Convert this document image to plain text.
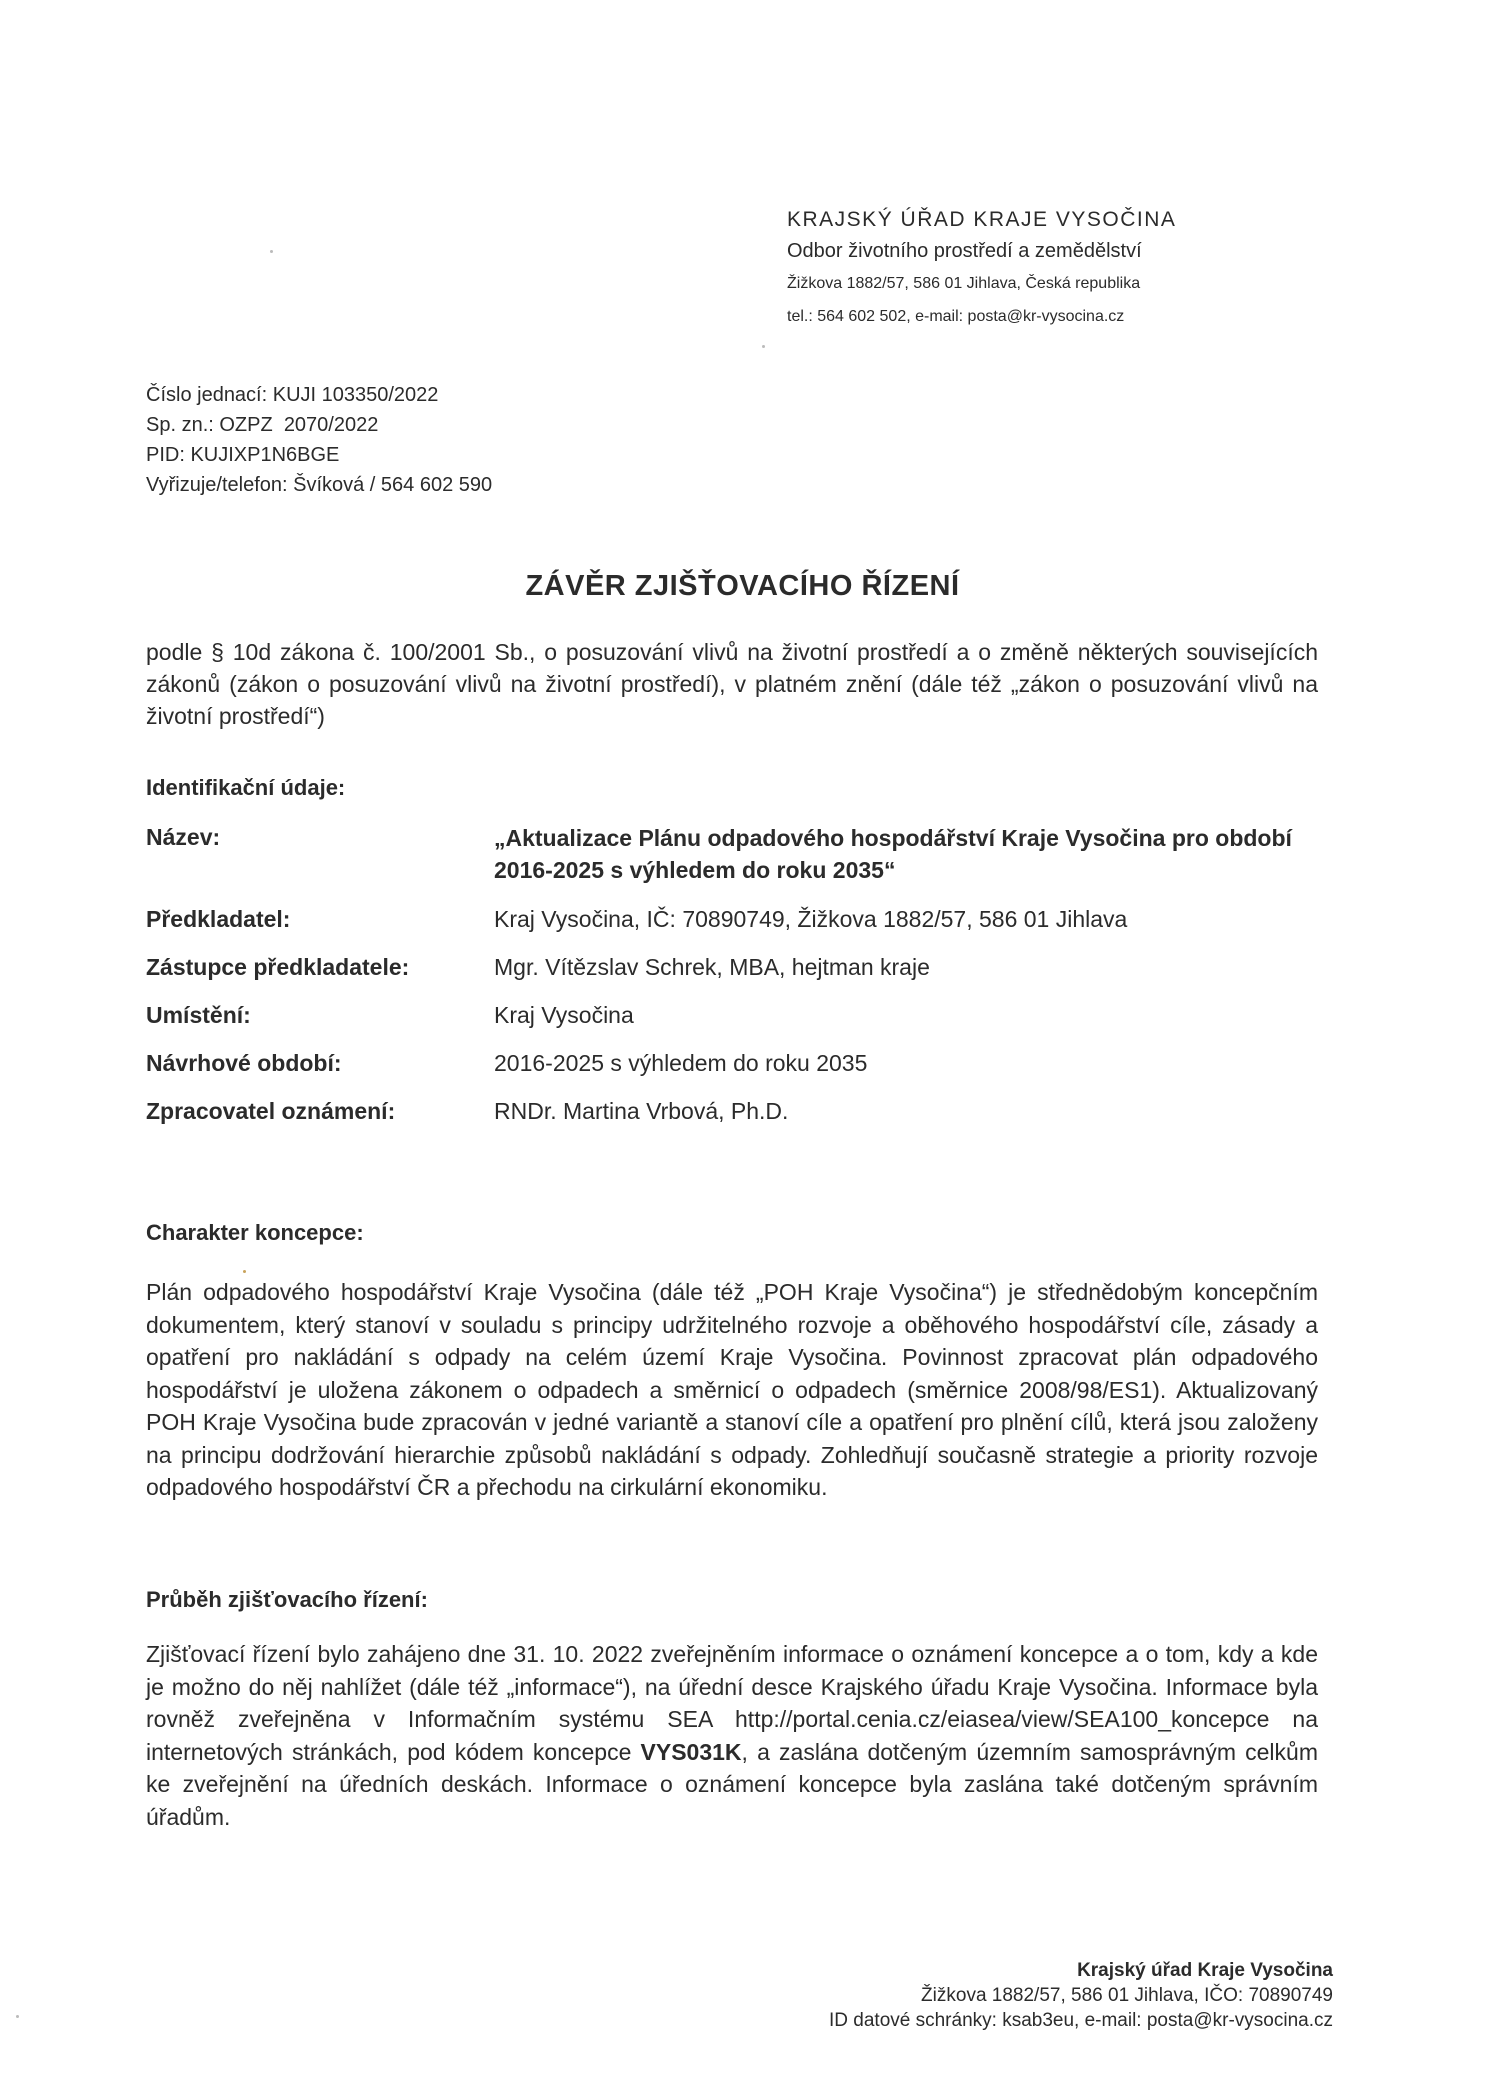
KRAJSKÝ ÚŘAD KRAJE VYSOČINA
Odbor životního prostředí a zemědělství
Žižkova 1882/57, 586 01 Jihlava, Česká republika
tel.: 564 602 502, e-mail: posta@kr-vysocina.cz
Číslo jednací: KUJI 103350/2022
Sp. zn.: OZPZ  2070/2022
PID: KUJIXP1N6BGE
Vyřizuje/telefon: Švíková / 564 602 590
ZÁVĚR ZJIŠŤOVACÍHO ŘÍZENÍ
podle § 10d zákona č. 100/2001 Sb., o posuzování vlivů na životní prostředí a o změně některých souvisejících zákonů (zákon o posuzování vlivů na životní prostředí), v platném znění (dále též „zákon o posuzování vlivů na životní prostředí“)
Identifikační údaje:
Název:	„Aktualizace Plánu odpadového hospodářství Kraje Vysočina pro období 2016-2025 s výhledem do roku 2035“
Předkladatel:	Kraj Vysočina, IČ: 70890749, Žižkova 1882/57, 586 01 Jihlava
Zástupce předkladatele:	Mgr. Vítězslav Schrek, MBA, hejtman kraje
Umístění:	Kraj Vysočina
Návrhové období:	2016-2025 s výhledem do roku 2035
Zpracovatel oznámení:	RNDr. Martina Vrbová, Ph.D.
Charakter koncepce:
Plán odpadového hospodářství Kraje Vysočina (dále též „POH Kraje Vysočina“) je střednědobým koncepčním dokumentem, který stanoví v souladu s principy udržitelného rozvoje a oběhového hospodářství cíle, zásady a opatření pro nakládání s odpady na celém území Kraje Vysočina. Povinnost zpracovat plán odpadového hospodářství je uložena zákonem o odpadech a směrnicí o odpadech (směrnice 2008/98/ES1). Aktualizovaný POH Kraje Vysočina bude zpracován v jedné variantě a stanoví cíle a opatření pro plnění cílů, která jsou založeny na principu dodržování hierarchie způsobů nakládání s odpady. Zohledňují současně strategie a priority rozvoje odpadového hospodářství ČR a přechodu na cirkulární ekonomiku.
Průběh zjišťovacího řízení:
Zjišťovací řízení bylo zahájeno dne 31. 10. 2022 zveřejněním informace o oznámení koncepce a o tom, kdy a kde je možno do něj nahlížet (dále též „informace“), na úřední desce Krajského úřadu Kraje Vysočina. Informace byla rovněž zveřejněna v Informačním systému SEA http://portal.cenia.cz/eiasea/view/SEA100_koncepce na internetových stránkách, pod kódem koncepce VYS031K, a zaslána dotčeným územním samosprávným celkům ke zveřejnění na úředních deskách. Informace o oznámení koncepce byla zaslána také dotčeným správním úřadům.
Krajský úřad Kraje Vysočina
Žižkova 1882/57, 586 01 Jihlava, IČO: 70890749
ID datové schránky: ksab3eu, e-mail: posta@kr-vysocina.cz
